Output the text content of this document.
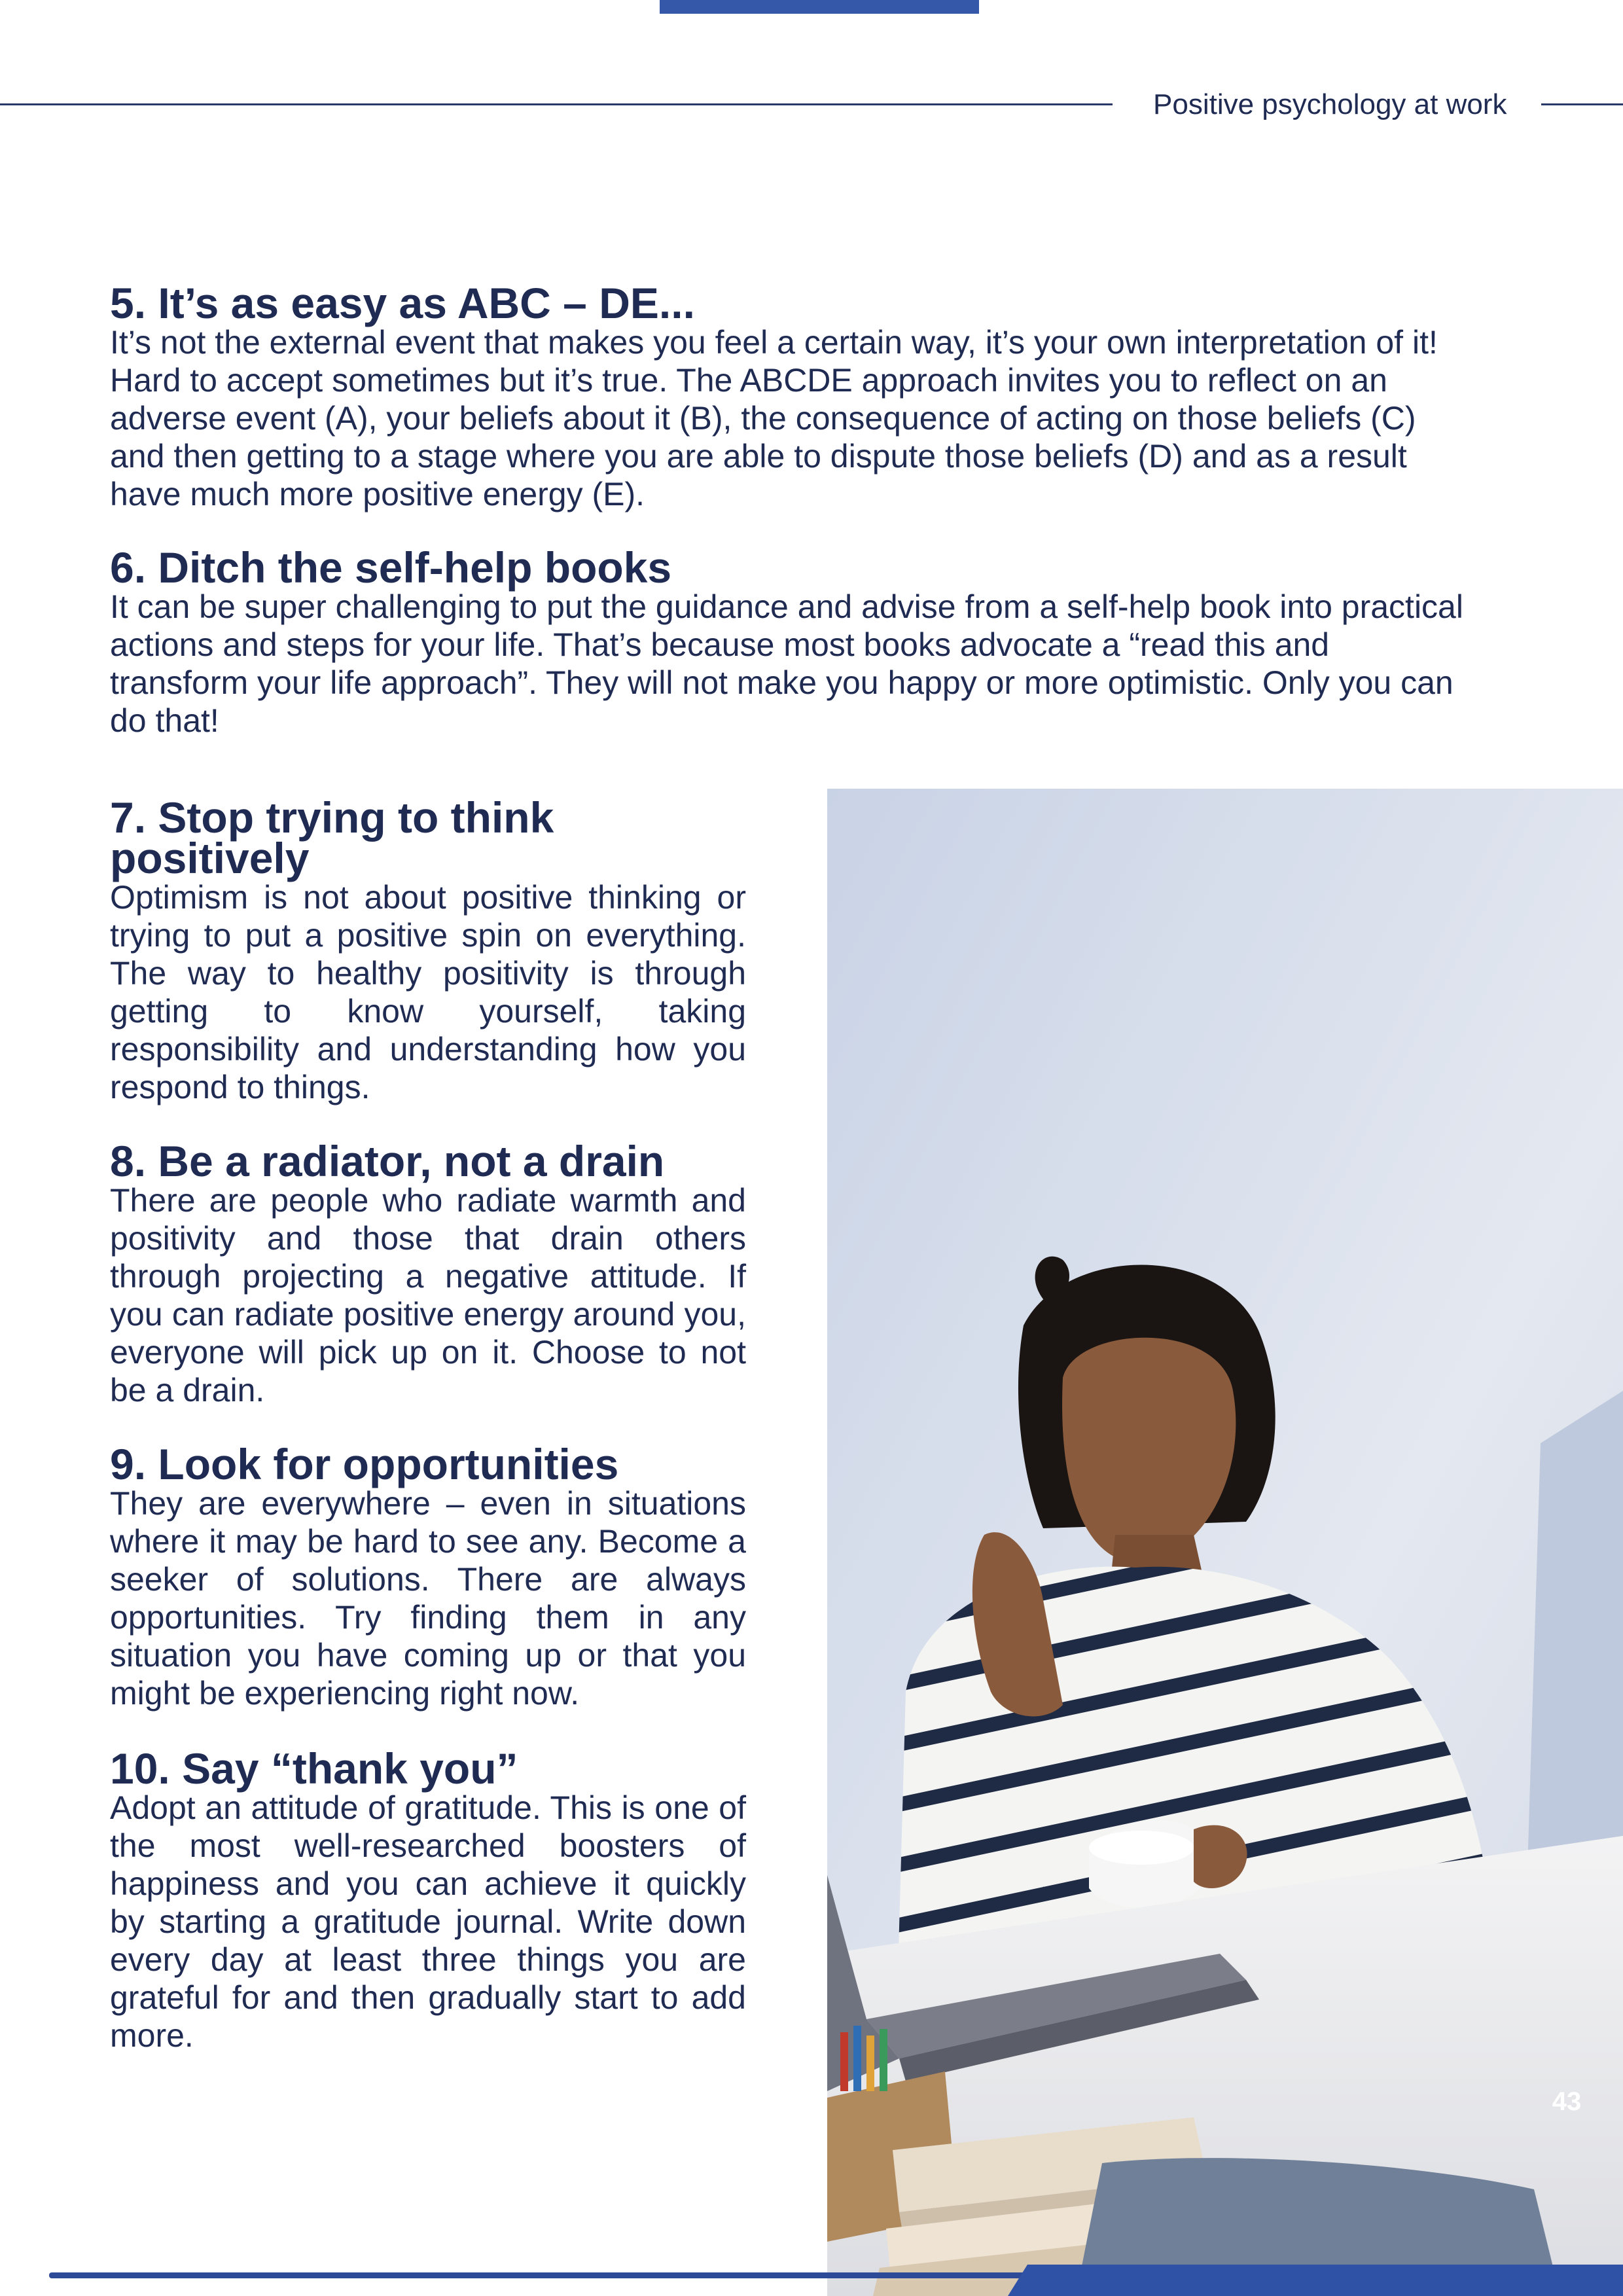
Positive psychology at work
5. It’s as easy as ABC – DE...

It’s not the external event that makes you feel a certain way, it’s your own interpretation of it! Hard to accept sometimes but it’s true. The ABCDE approach invites you to reflect on an adverse event (A), your beliefs about it (B), the consequence of acting on those beliefs (C) and then getting to a stage where you are able to dispute those beliefs (D) and as a result have much more positive energy (E).

6. Ditch the self-help books

It can be super challenging to put the guidance and advise from a self-help book into practical actions and steps for your life. That’s because most books advocate a “read this and transform your life approach”. They will not make you happy or more optimistic. Only you can do that!

7. Stop trying to think positively

Optimism is not about positive thinking or trying to put a positive spin on everything. The way to healthy positivity is through getting to know yourself, taking responsibility and understanding how you respond to things.

8. Be a radiator, not a drain

There are people who radiate warmth and positivity and those that drain others through projecting a negative attitude. If you can radiate positive energy around you, everyone will pick up on it. Choose to not be a drain.

9. Look for opportunities

They are everywhere – even in situations where it may be hard to see any. Become a seeker of solutions. There are always opportunities. Try finding them in any situation you have coming up or that you might be experiencing right now.

10. Say “thank you”

Adopt an attitude of gratitude. This is one of the most well-researched boosters of happiness and you can achieve it quickly by starting a gratitude journal. Write down every day at least three things you are grateful for and then gradually start to add more.

43
